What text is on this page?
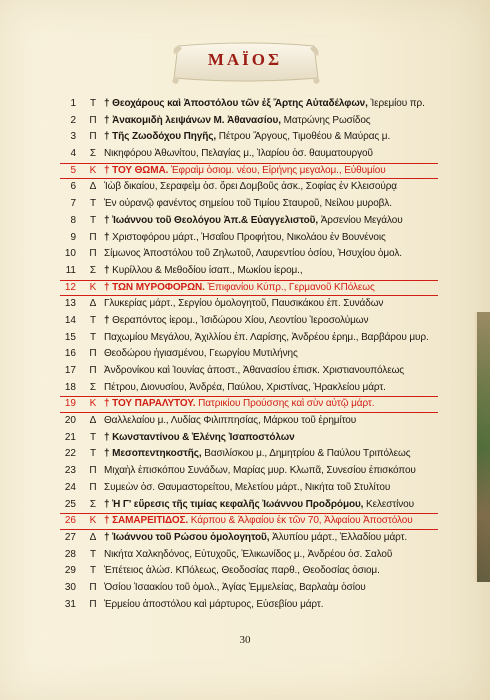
ΜΑΪΟΣ
1 Τ † Θεοχάρους καὶ Ἀποστόλου τῶν ἐξ Ἄρτης Αὐταδέλφων, Ἱερεμίου πρ.
2 Π † Ἀνακομιδὴ λειψάνων Μ. Ἀθανασίου, Ματρώνης Ρωσίδος
3 Π † Τῆς Ζωοδόχου Πηγῆς, Πέτρου Ἄργους, Τιμοθέου & Μαύρας μ.
4 Σ Νικηφόρου Ἀθωνίτου, Πελαγίας μ., Ἱλαρίου ὁσ. θαυματουργοῦ
5 Κ † ΤΟΥ ΘΩΜΑ. Ἐφραὶμ ὁσιομ. νέου, Εἰρήνης μεγαλομ., Εὐθυμίου
6 Δ Ἰὼβ δικαίου, Σεραφεὶμ ὁσ. ὄρει Δομβοῦς ἀσκ., Σοφίας ἐν Κλεισούρᾳ
7 Τ Ἐν οὐρανῷ φανέντος σημείου τοῦ Τιμίου Σταυροῦ, Νείλου μυροβλ.
8 Τ † Ἰωάννου τοῦ Θεολόγου Ἀπ.& Εὐαγγελιστοῦ, Ἀρσενίου Μεγάλου
9 Π † Χριστοφόρου μάρτ., Ἡσαΐου Προφήτου, Νικολάου ἐν Βουνένοις
10 Π Σίμωνος Ἀποστόλου τοῦ Ζηλωτοῦ, Λαυρεντίου ὁσίου, Ἡσυχίου ὁμολ.
11 Σ † Κυρίλλου & Μεθοδίου ἰσαπ., Μωκίου ἱερομ.,
12 Κ † ΤΩΝ ΜΥΡΟΦΟΡΩΝ. Ἐπιφανίου Κύπρ., Γερμανοῦ ΚΠόλεως
13 Δ Γλυκερίας μάρτ., Σεργίου ὁμολογητοῦ, Παυσικάκου ἐπ. Συνάδων
14 Τ † Θεραπόντος ἱερομ., Ἰσιδώρου Χίου, Λεοντίου Ἱεροσολύμων
15 Τ Παχωμίου Μεγάλου, Ἀχιλλίου ἐπ. Λαρίσης, Ἀνδρέου ἐρημ., Βαρβάρου μυρ.
16 Π Θεοδώρου ἡγιασμένου, Γεωργίου Μυτιλήνης
17 Π Ἀνδρονίκου καὶ Ἰουνίας ἀποστ., Ἀθανασίου ἐπισκ. Χριστιανουπόλεως
18 Σ Πέτρου, Διονυσίου, Ἀνδρέα, Παύλου, Χριστίνας, Ἡρακλείου μάρτ.
19 Κ † ΤΟΥ ΠΑΡΑΛΥΤΟΥ. Πατρικίου Προύσσης καὶ σὺν αὐτῷ μάρτ.
20 Δ Θαλλελαίου μ., Λυδίας Φιλιππησίας, Μάρκου τοῦ ἐρημίτου
21 Τ † Κωνσταντίνου & Ἑλένης Ἰσαποστόλων
22 Τ † Μεσοπεντηκοστῆς, Βασιλίσκου μ., Δημητρίου & Παύλου Τριπόλεως
23 Π Μιχαὴλ ἐπισκόπου Συνάδων, Μαρίας μυρ. Κλωπᾶ, Συνεσίου ἐπισκόπου
24 Π Συμεὼν ὁσ. Θαυμαστορείτου, Μελετίου μάρτ., Νικήτα τοῦ Στυλίτου
25 Σ † Ἡ Γ' εὕρεσις τῆς τιμίας κεφαλῆς Ἰωάννου Προδρόμου, Κελεστίνου
26 Κ † ΣΑΜΑΡΕΙΤΙΔΟΣ. Κάρπου & Ἀλφαίου ἐκ τῶν 70, Ἀλφαίου Ἀποστόλου
27 Δ † Ἰωάννου τοῦ Ρώσου ὁμολογητοῦ, Ἀλυπίου μάρτ., Ἑλλαδίου μάρτ.
28 Τ Νικήτα Χαλκηδόνος, Εὐτυχοῦς, Ἑλικωνίδος μ., Ἀνδρέου ὁσ. Σαλοῦ
29 Τ Ἐπέτειος ἁλώσ. ΚΠόλεως, Θεοδοσίας παρθ., Θεοδοσίας ὁσιομ.
30 Π Ὁσίου Ἰσαακίου τοῦ ὁμολ., Ἁγίας Ἐμμελείας, Βαρλαὰμ ὁσίου
31 Π Ἑρμείου ἀποστόλου καὶ μάρτυρος, Εὐσεβίου μάρτ.
30
